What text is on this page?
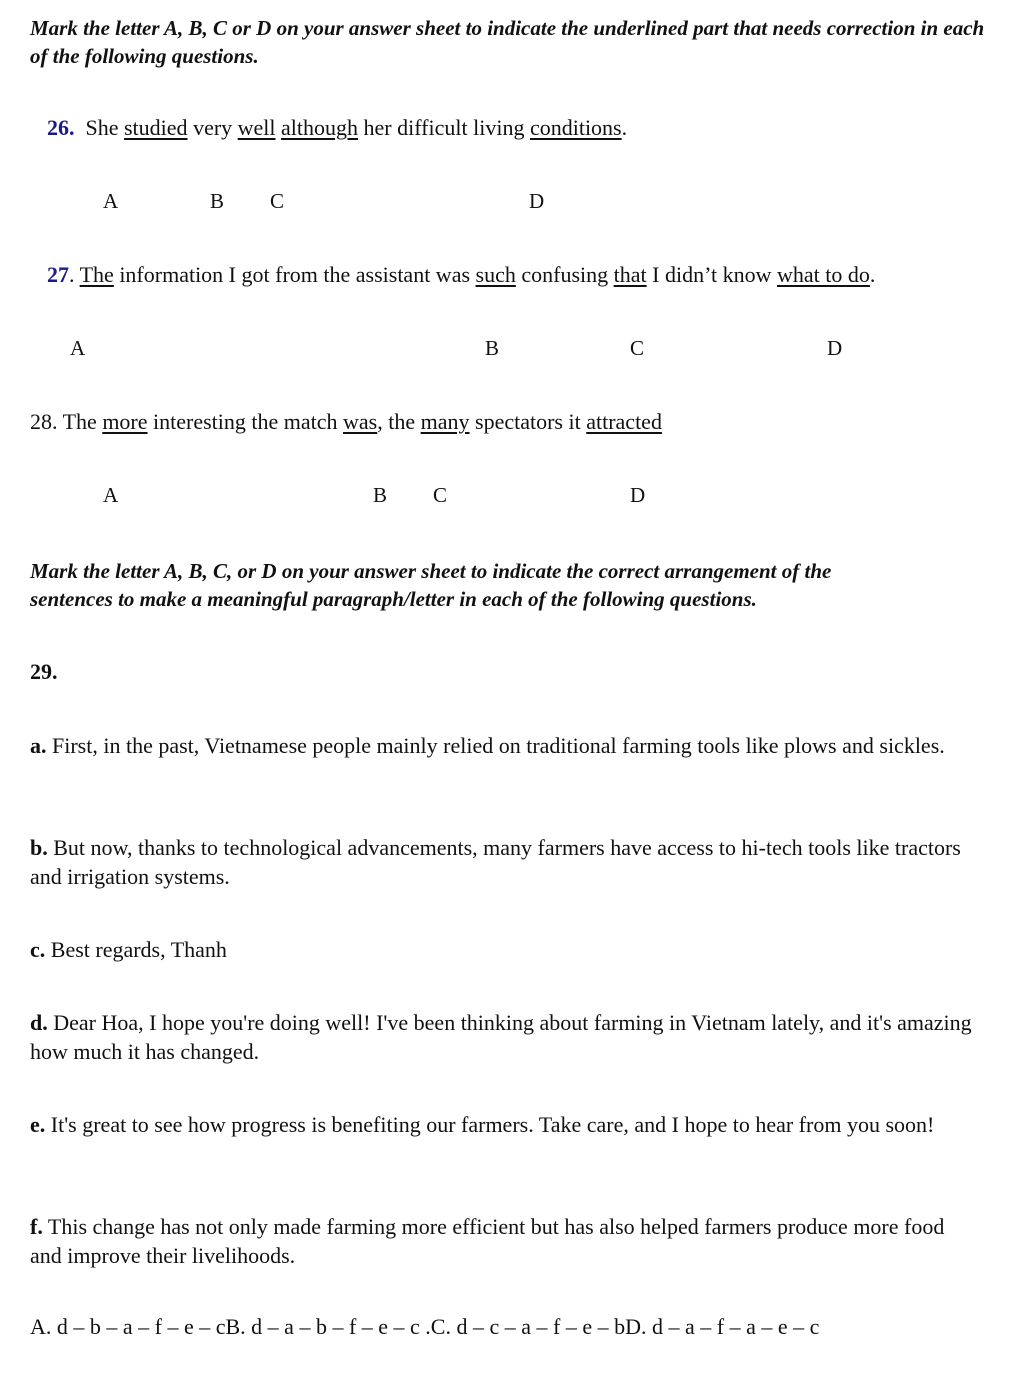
Mark the letter A, B, C or D on your answer sheet to indicate the underlined part that needs correction in each of the following questions.
26. She studied very well although her difficult living conditions.
A	B C	D
27. The information I got from the assistant was such confusing that I didn’t know what to do.
A	B	C	D
28. The more interesting the match was, the many spectators it attracted
A	B C	D
Mark the letter A, B, C, or D on your answer sheet to indicate the correct arrangement of the sentences to make a meaningful paragraph/letter in each of the following questions.
29.
a. First, in the past, Vietnamese people mainly relied on traditional farming tools like plows and sickles.
b. But now, thanks to technological advancements, many farmers have access to hi-tech tools like tractors and irrigation systems.
c. Best regards, Thanh
d. Dear Hoa, I hope you're doing well! I've been thinking about farming in Vietnam lately, and it's amazing how much it has changed.
e. It's great to see how progress is benefiting our farmers. Take care, and I hope to hear from you soon!
f. This change has not only made farming more efficient but has also helped farmers produce more food and improve their livelihoods.
A. d – b – a – f – e – cB. d – a – b – f – e – c .C. d – c – a – f – e – bD. d – a – f – a – e – c
